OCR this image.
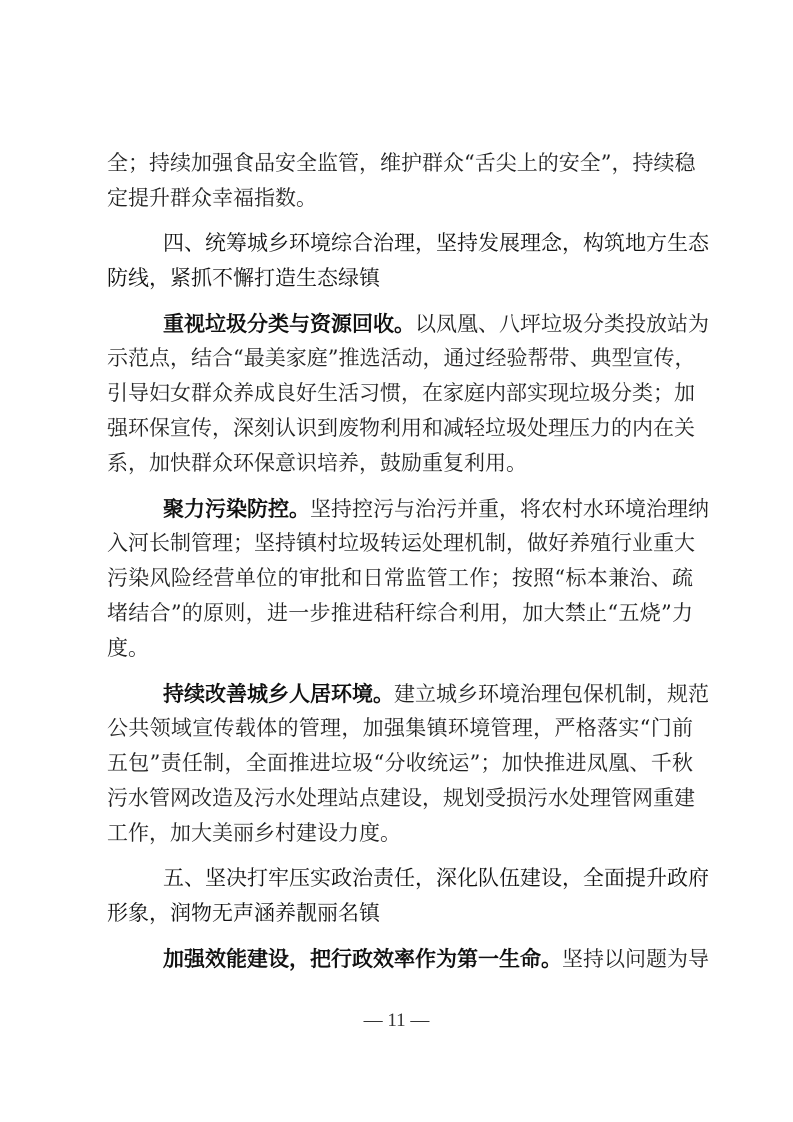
全；持续加强食品安全监管，维护群众“舌尖上的安全”，持续稳
定提升群众幸福指数。
四、统筹城乡环境综合治理，坚持发展理念，构筑地方生态
防线，紧抓不懈打造生态绿镇
重视垃圾分类与资源回收。以凤凰、八坪垃圾分类投放站为
示范点，结合“最美家庭”推选活动，通过经验帮带、典型宣传，
引导妇女群众养成良好生活习惯，在家庭内部实现垃圾分类；加
强环保宣传，深刻认识到废物利用和减轻垃圾处理压力的内在关
系，加快群众环保意识培养，鼓励重复利用。
聚力污染防控。坚持控污与治污并重，将农村水环境治理纳
入河长制管理；坚持镇村垃圾转运处理机制，做好养殖行业重大
污染风险经营单位的审批和日常监管工作；按照“标本兼治、疏
堵结合”的原则，进一步推进秸秆综合利用，加大禁止“五烧”力
度。
持续改善城乡人居环境。建立城乡环境治理包保机制，规范
公共领域宣传载体的管理，加强集镇环境管理，严格落实“门前
五包”责任制，全面推进垃圾“分收统运”；加快推进凤凰、千秋
污水管网改造及污水处理站点建设，规划受损污水处理管网重建
工作，加大美丽乡村建设力度。
五、坚决打牢压实政治责任，深化队伍建设，全面提升政府
形象，润物无声涵养靓丽名镇
加强效能建设，把行政效率作为第一生命。坚持以问题为导
— 11 —
